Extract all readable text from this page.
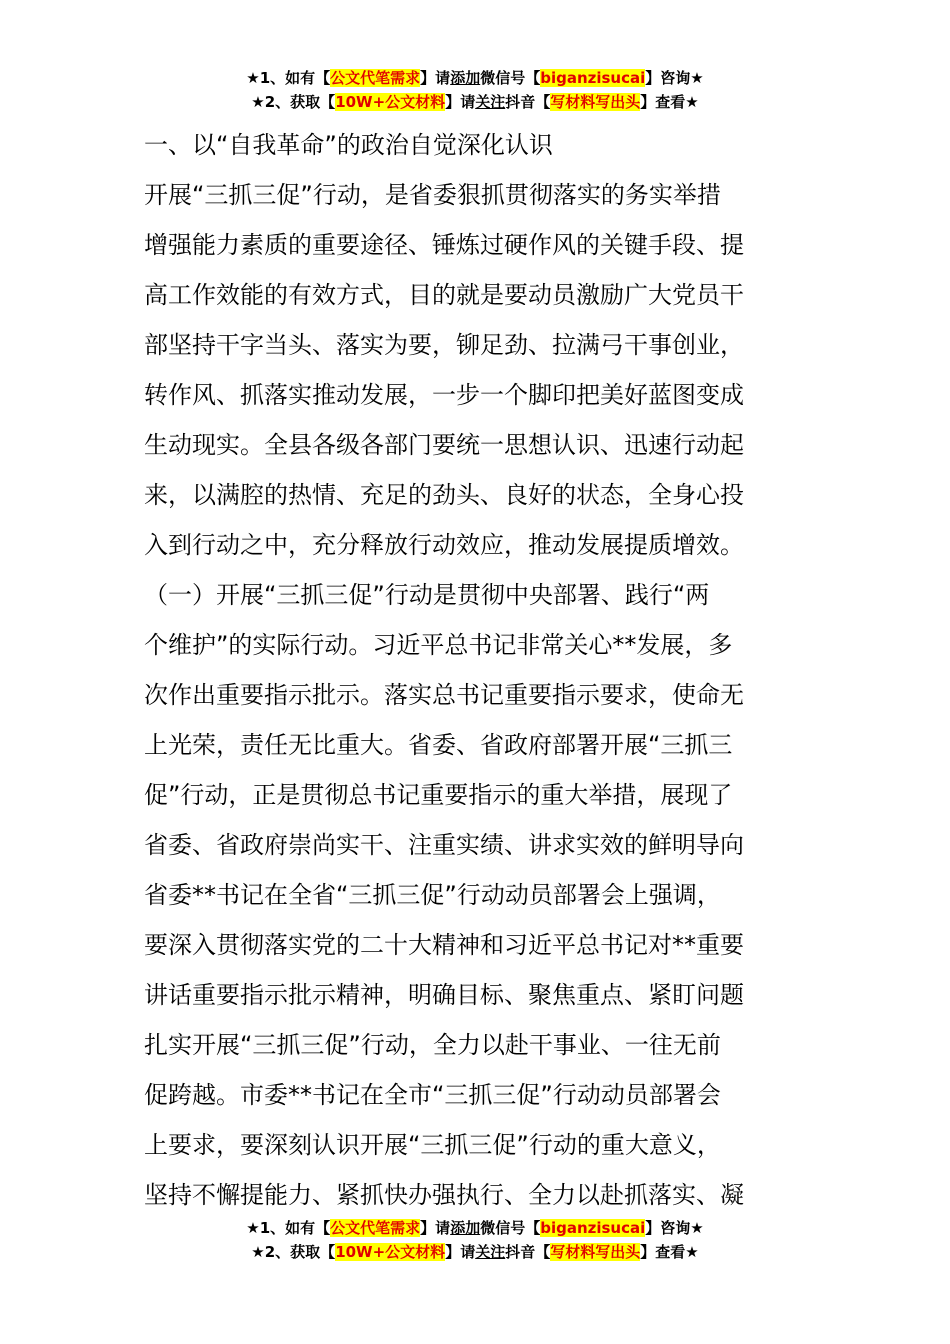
★1、如有【公文代笔需求】请添加微信号【biganzisucai】咨询★
★2、获取【10W+公文材料】请关注抖音【写材料写出头】查看★
一、以“自我革命”的政治自觉深化认识
开展“三抓三促”行动，是省委狠抓贯彻落实的务实举措
增强能力素质的重要途径、锤炼过硬作风的关键手段、提
高工作效能的有效方式，目的就是要动员激励广大党员干
部坚持干字当头、落实为要，铆足劲、拉满弓干事创业，
转作风、抓落实推动发展，一步一个脚印把美好蓝图变成
生动现实。全县各级各部门要统一思想认识、迅速行动起
来，以满腔的热情、充足的劲头、良好的状态，全身心投
入到行动之中，充分释放行动效应，推动发展提质增效。
（一）开展“三抓三促”行动是贯彻中央部署、践行“两
个维护”的实际行动。习近平总书记非常关心**发展，多
次作出重要指示批示。落实总书记重要指示要求，使命无
上光荣，责任无比重大。省委、省政府部署开展“三抓三
促”行动，正是贯彻总书记重要指示的重大举措，展现了
省委、省政府崇尚实干、注重实绩、讲求实效的鲜明导向
省委**书记在全省“三抓三促”行动动员部署会上强调，
要深入贯彻落实党的二十大精神和习近平总书记对**重要
讲话重要指示批示精神，明确目标、聚焦重点、紧盯问题
扎实开展“三抓三促”行动，全力以赴干事业、一往无前
促跨越。市委**书记在全市“三抓三促”行动动员部署会
上要求，要深刻认识开展“三抓三促”行动的重大意义，
坚持不懈提能力、紧抓快办强执行、全力以赴抓落实、凝
★1、如有【公文代笔需求】请添加微信号【biganzisucai】咨询★
★2、获取【10W+公文材料】请关注抖音【写材料写出头】查看★
